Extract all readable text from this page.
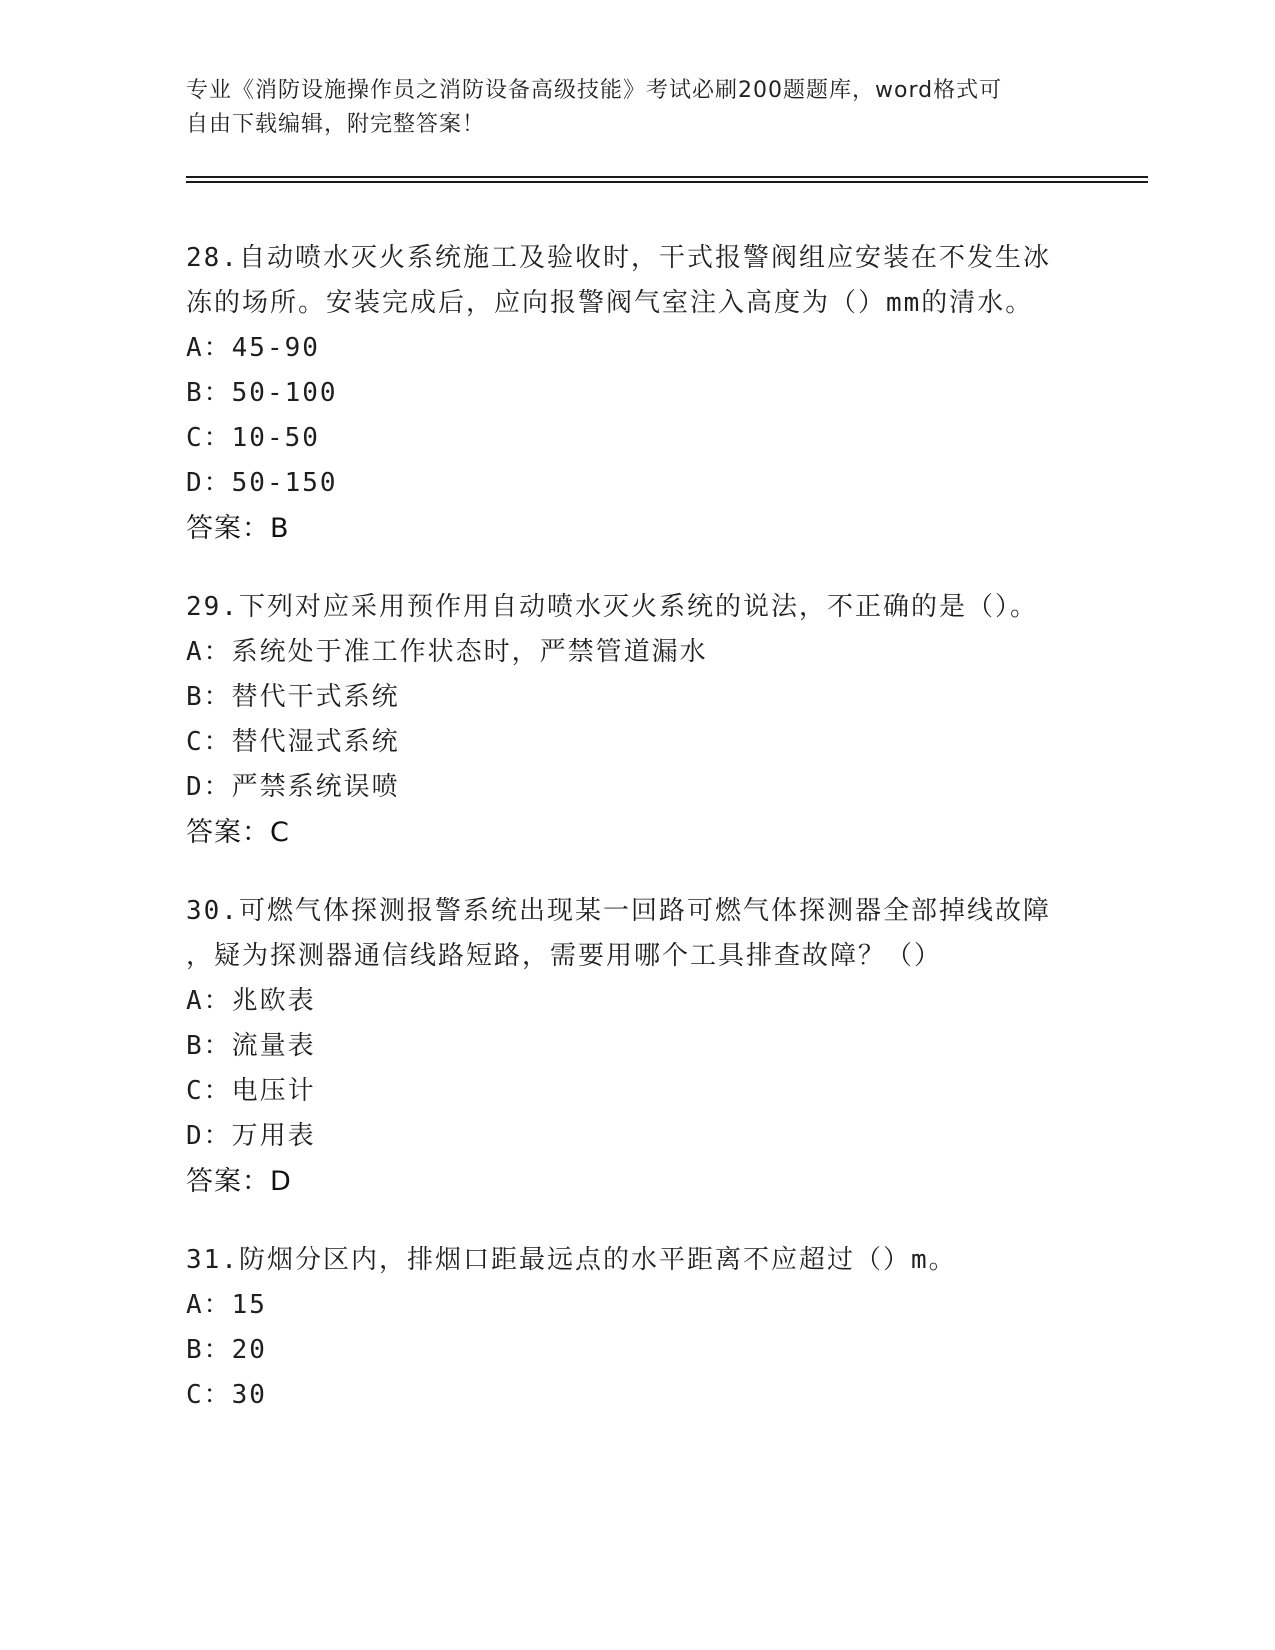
专业《消防设施操作员之消防设备高级技能》考试必刷200题题库，word格式可
自由下载编辑，附完整答案！
28.自动喷水灭火系统施工及验收时，干式报警阀组应安装在不发生冰
冻的场所。安装完成后，应向报警阀气室注入高度为（）mm的清水。
A：45-90
B：50-100
C：10-50
D：50-150
答案：B
29.下列对应采用预作用自动喷水灭火系统的说法，不正确的是（）。
A：系统处于准工作状态时，严禁管道漏水
B：替代干式系统
C：替代湿式系统
D：严禁系统误喷
答案：C
30.可燃气体探测报警系统出现某一回路可燃气体探测器全部掉线故障
，疑为探测器通信线路短路，需要用哪个工具排查故障？（）
A：兆欧表
B：流量表
C：电压计
D：万用表
答案：D
31.防烟分区内，排烟口距最远点的水平距离不应超过（）m。
A：15
B：20
C：30
